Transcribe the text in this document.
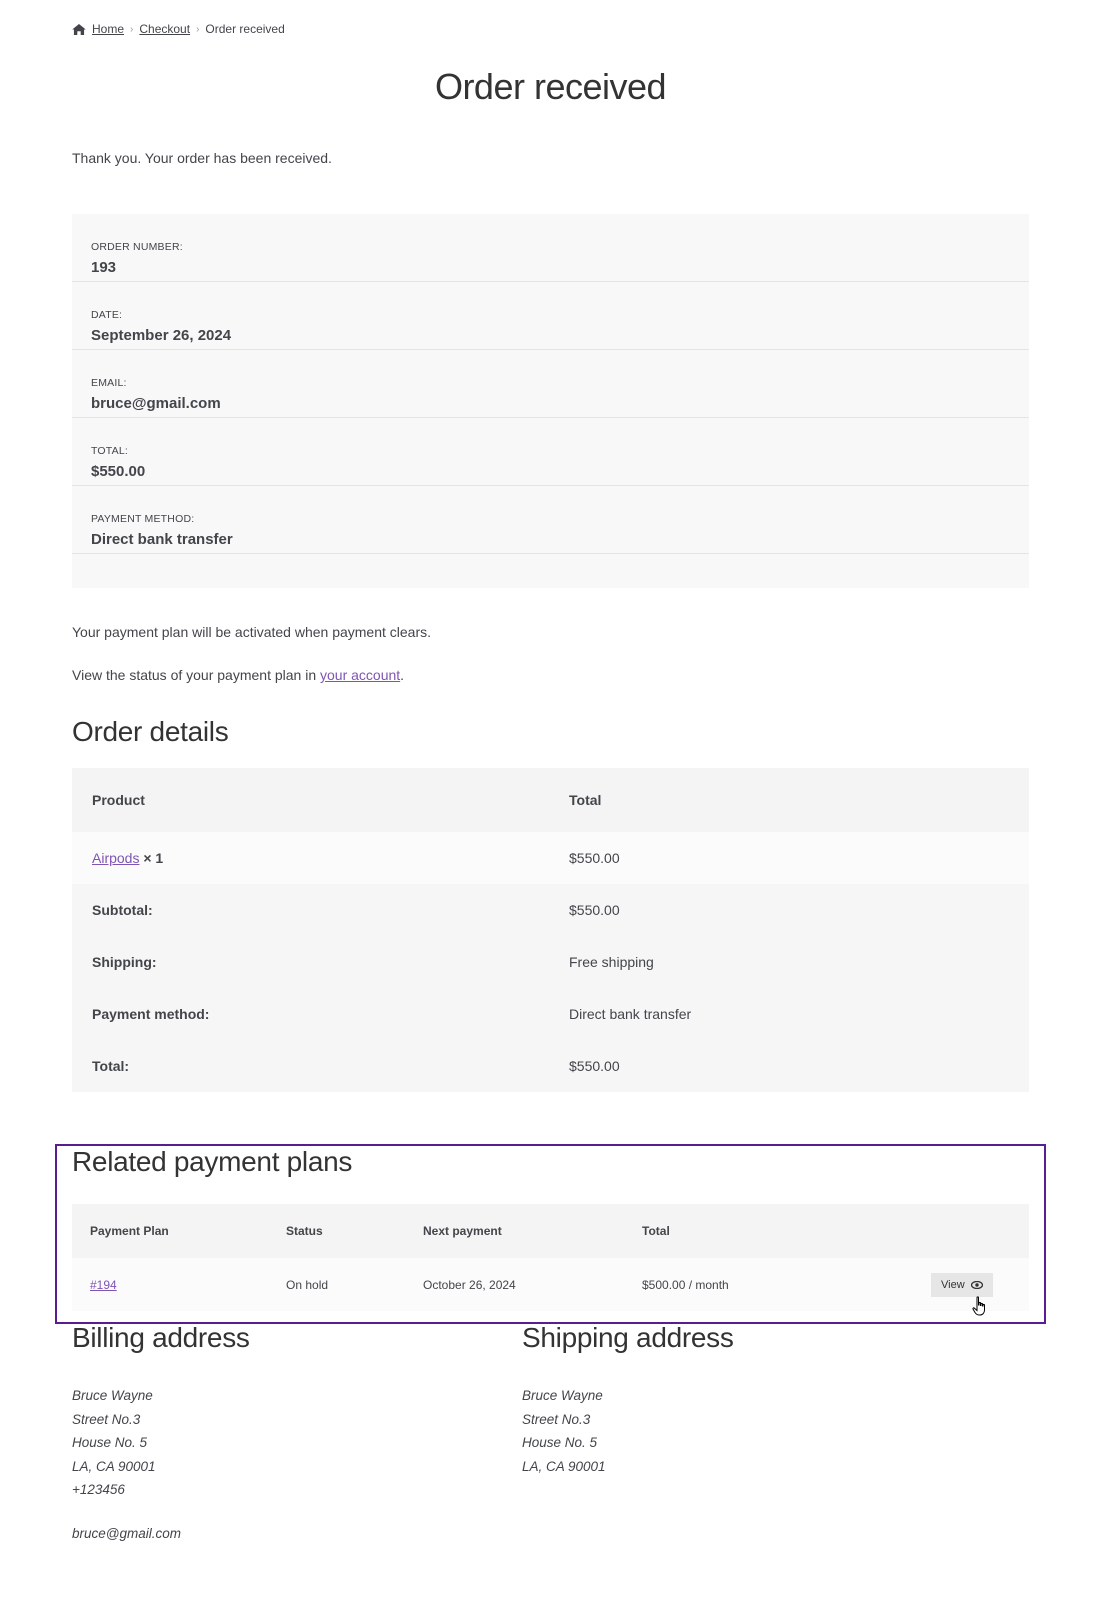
Home › Checkout › Order received
Order received

Thank you. Your order has been received.

ORDER NUMBER:
193
DATE:
September 26, 2024
EMAIL:
bruce@gmail.com
TOTAL:
$550.00
PAYMENT METHOD:
Direct bank transfer

Your payment plan will be activated when payment clears.

View the status of your payment plan in your account.

Order details
Product	Total
Airpods × 1	$550.00
Subtotal:	$550.00
Shipping:	Free shipping
Payment method:	Direct bank transfer
Total:	$550.00
Related payment plans
Payment Plan	Status	Next payment	Total	
#194	On hold	October 26, 2024	$500.00 / month	View
Billing address
Bruce Wayne
Street No.3
House No. 5
LA, CA 90001
+123456
bruce@gmail.com
Shipping address
Bruce Wayne
Street No.3
House No. 5
LA, CA 90001
